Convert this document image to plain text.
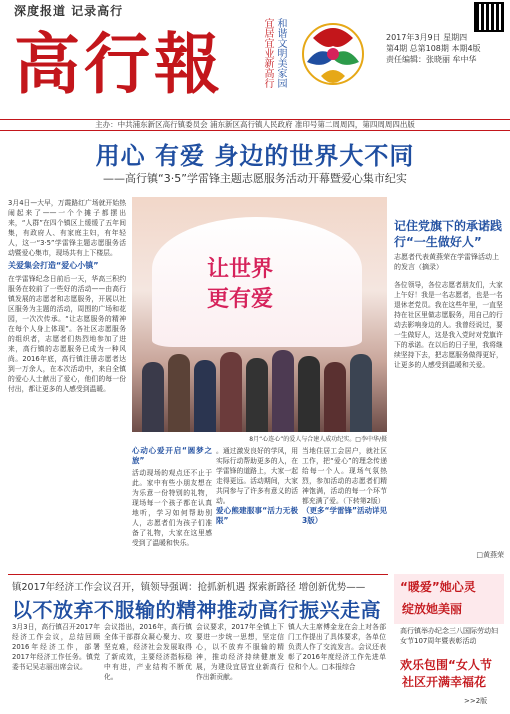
深度报道 记录高行
高行報	宜居宜业新高行 和谐文明美家园	2017年3月9日 星期四
第4期 总第108期 本期4版
责任编辑：张晓丽 牟中华
主办：中共浦东新区高行镇委员会 浦东新区高行镇人民政府 准印号第二周周四，第四周周四出版
用心 有爱 身边的世界大不同
——高行镇“3·5”学雷锋主题志愿服务活动开幕暨爱心集市纪实

3月4日—大早，万霞路红广场就开始热闹起来了——一个个摊子都摆出来，“人群”在四个镇区上缓缓了五年间集，有政府人、有家庭主妇，有年轻人，这一“3·5”学雷锋主题志愿服务活动暨爱心集市，现场共有上下楼层。

关爱集会打造“爱心小镇”

在学雷锋纪念日前后一天，华高三积约服务在较前了一些好的活动——由高行镇发展的志愿者和志愿服务，开展以社区服务为主题的活动，周围的广场和花园，一次次传承。“让志愿服务的精神在每个人身上体现”。各社区志愿服务的组织者，志愿者们热烈地参加了进来，高行镇的志愿服务已成为一种风尚。2016年底，高行镇注册志愿者达到一万余人，在本次活动中，来自全镇的爱心人士献出了爱心，他们的每一份付出，都让更多的人感受到温暖。

让世界
更有爱
8月“心连心”的爱人与合建人成功纪实。□李中华/摄
心动心爱开启“圆梦之旅”

活动现场的观点还不止于此。家中有些小朋友想在为乐意一份特别的礼物，现场每一个孩子都在认真地听，学习如何帮助别人，志愿者们为孩子们准备了礼物，大家在这里感受到了温暖和快乐。

。通过激发良好的学风，用实际行动帮助更多的人，在学雷锋的道路上，大家一起走得更远。活动期间，大家共同参与了许多有意义的活动。

爱心熊建服事“活力无极限”

当地住居工会居户，就社区工作，把“爱心”的理念传递给每一个人。现场气氛热烈，参加活动的志愿者们精神饱满，活动的每一个环节都充满了爱。（下转第2版）

（更多“学雷锋”活动详见3版）

记住党旗下的承诺践行“一生做好人”
志愿者代表黄燕荣在学雷锋活动上的发言（摘录）
各位领导，各位志愿者朋友们，大家上午好！我是一名志愿者，也是一名退休老党员。我在这些年里，一直坚持在社区里做志愿服务，用自己的行动去影响身边的人。我曾经说过，要一生做好人，这是我入党时对党旗许下的承诺。在以后的日子里，我将继续坚持下去，把志愿服务做得更好，让更多的人感受到温暖和关爱。
□黄燕荣
镇2017年经济工作会议召开，镇领导强调：抢抓新机遇 探索新路径 增创新优势——
以不放弃不服输的精神推动高行振兴走高
3月3日，高行镇召开2017年经济工作会议，总结回顾2016年经济工作，部署2017年经济工作任务。镇党委书记吴志丽出席会议。
会议指出，2016年，高行镇全体干部群众凝心聚力、攻坚克难，经济社会发展取得了新成效，主要经济指标稳中有进，产业结构不断优化。
会议要求，2017年全镇上下要进一步统一思想，坚定信心，以不放弃不服输的精神，推动经济持续健康发展，为建设宜居宜业新高行作出新贡献。
镇人大主席傅金龙在会上对各部门工作提出了具体要求，各单位负责人作了交流发言。会议还表彰了2016年度经济工作先进单位和个人。□本报综合
“暖爱”她心灵
绽放她美丽
高行镇举办纪念三八国际劳动妇女节107周年暨表彰活动
欢乐包围“女人节
社区开满幸福花
>>2版
